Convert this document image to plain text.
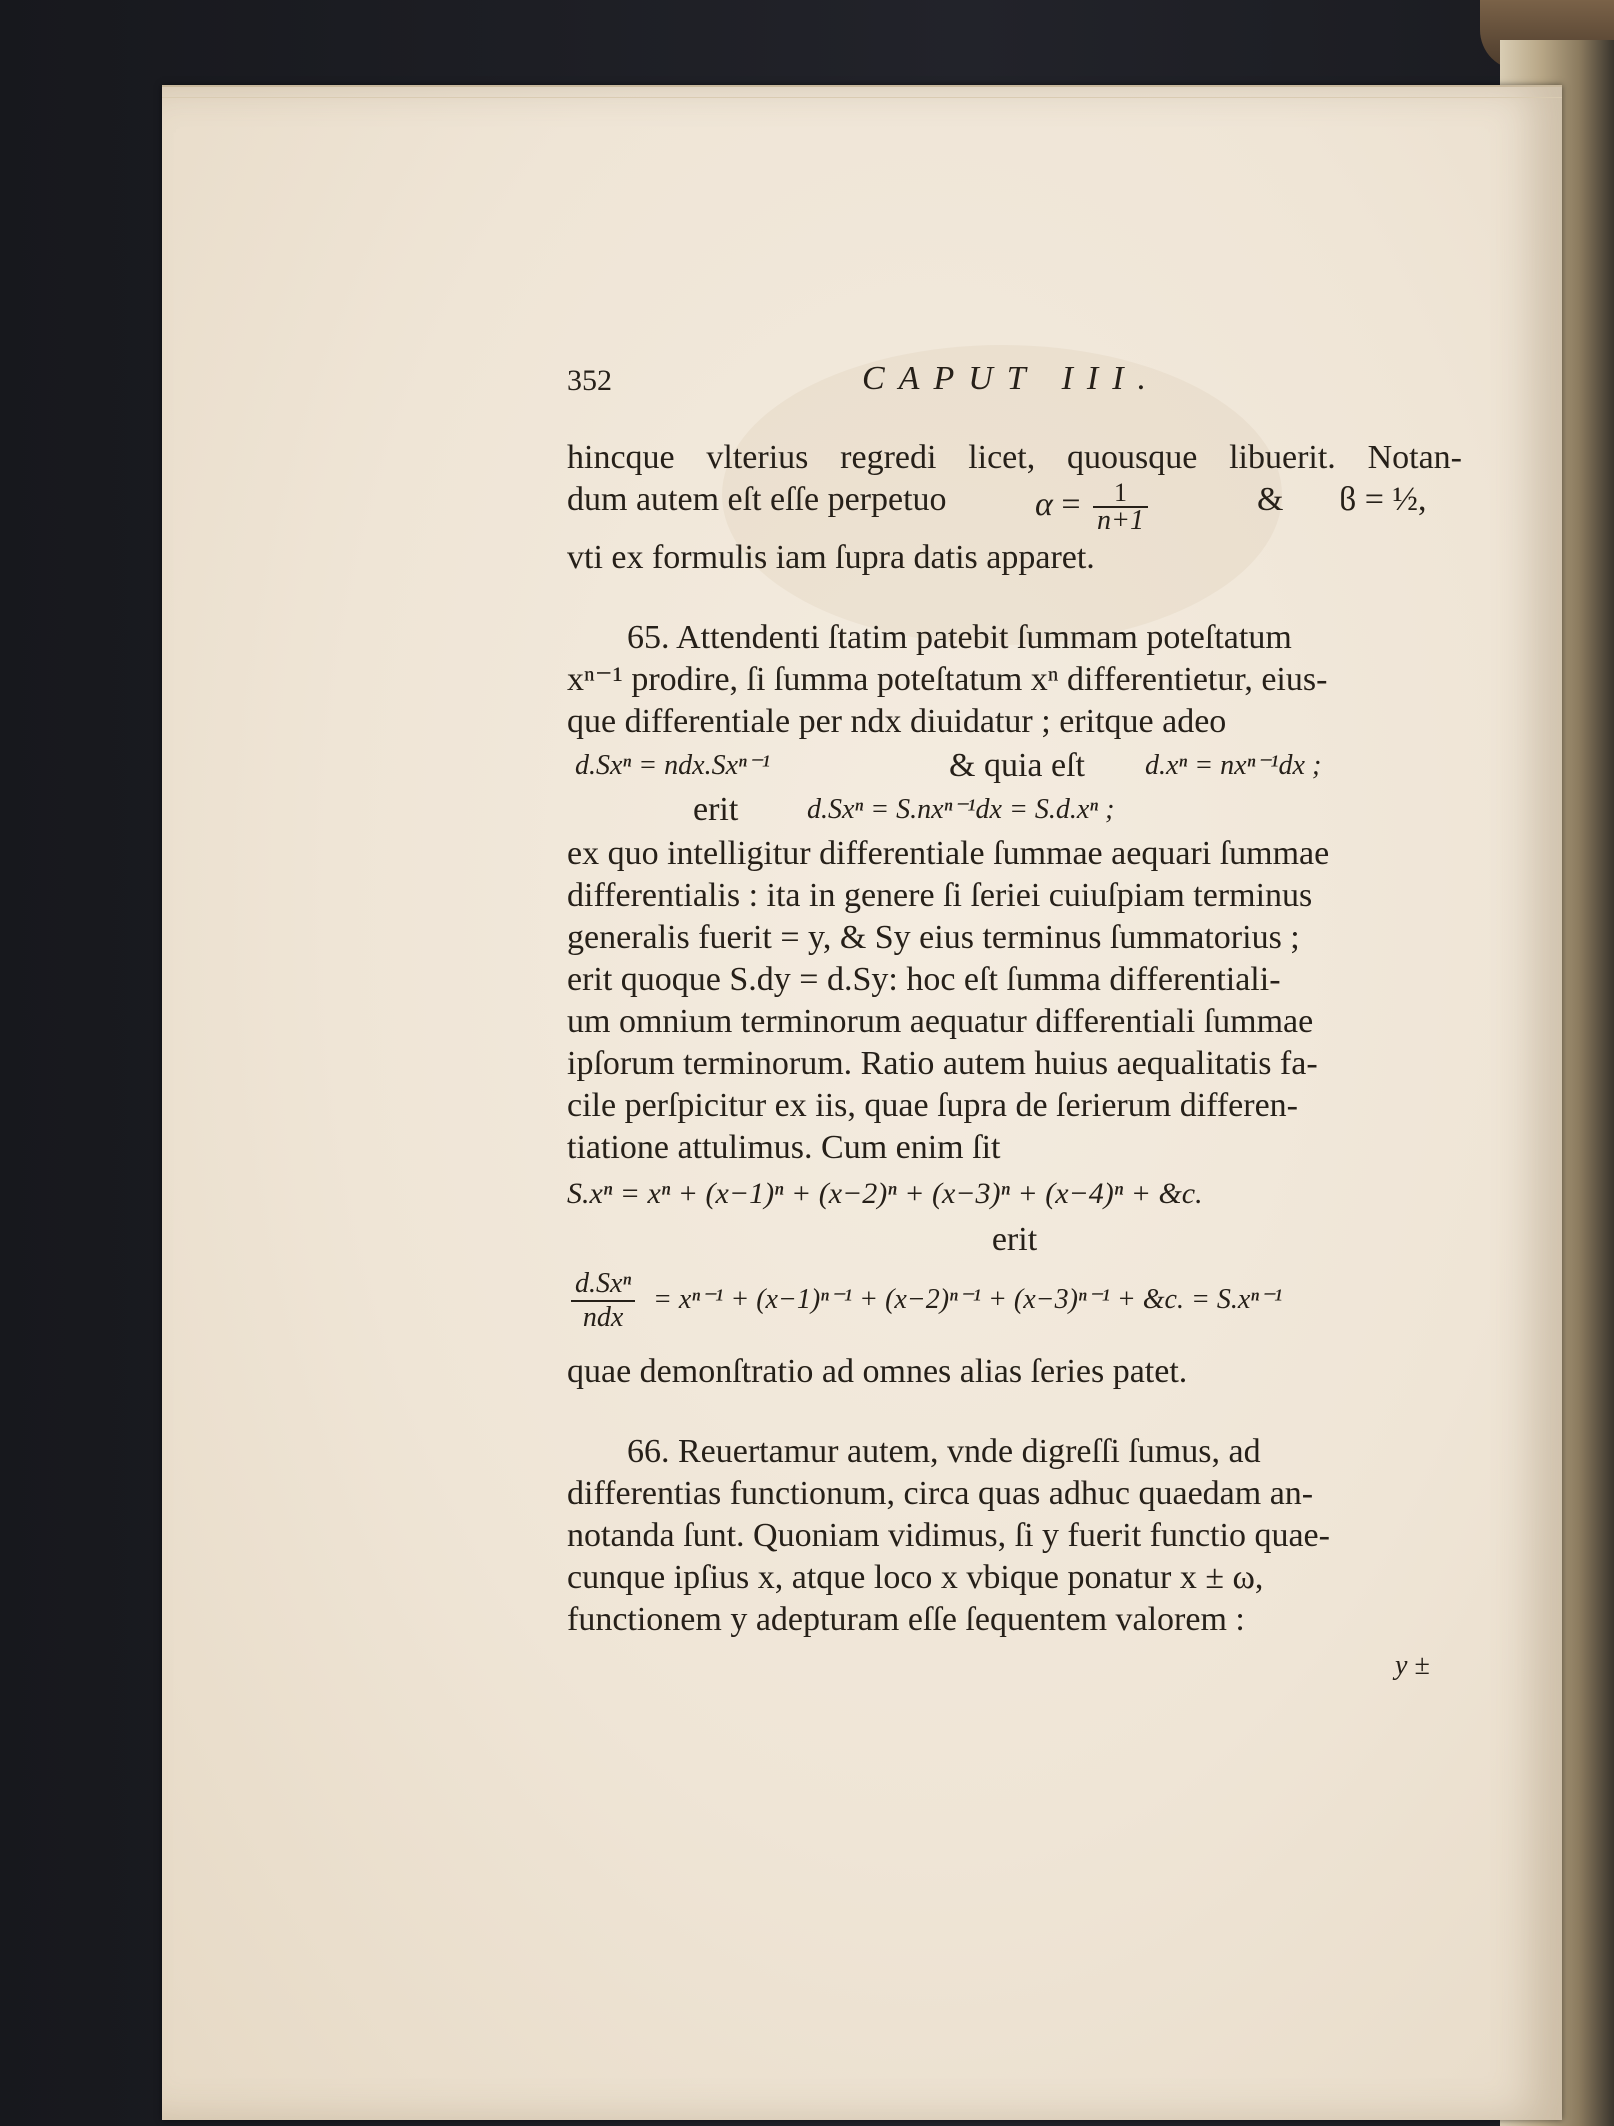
352	CAPUT III.
hincque vlterius regredi licet, quousque libuerit. Notan-
dum autem eſt eſſe perpetuo	$\alpha = \frac{1}{n+1}$	& ϐ = ½,
vti ex formulis iam ſupra datis apparet.
65. Attendenti ſtatim patebit ſummam poteſtatum
xⁿ⁻¹ prodire, ſi ſumma poteſtatum xⁿ differentietur, eius-
que differentiale per ndx diuidatur ; eritque adeo
d.Sxⁿ = ndx.Sxⁿ⁻¹	& quia eſt d.xⁿ = nxⁿ⁻¹dx ;
erit d.Sxⁿ = S.nxⁿ⁻¹dx = S.d.xⁿ ;
ex quo intelligitur differentiale ſummae aequari ſummae
differentialis : ita in genere ſi ſeriei cuiuſpiam terminus
generalis fuerit = y, & Sy eius terminus ſummatorius ;
erit quoque S.dy = d.Sy: hoc eſt ſumma differentiali-
um omnium terminorum aequatur differentiali ſummae
ipſorum terminorum. Ratio autem huius aequalitatis fa-
cile perſpicitur ex iis, quae ſupra de ſerierum differen-
tiatione attulimus. Cum enim ſit
S.xⁿ = xⁿ + (x−1)ⁿ + (x−2)ⁿ + (x−3)ⁿ + (x−4)ⁿ + &c.
erit
d.Sxⁿ
ndx
= xⁿ⁻¹ + (x−1)ⁿ⁻¹ + (x−2)ⁿ⁻¹ + (x−3)ⁿ⁻¹ + &c. = S.xⁿ⁻¹
quae demonſtratio ad omnes alias ſeries patet.
66. Reuertamur autem, vnde digreſſi ſumus, ad
differentias functionum, circa quas adhuc quaedam an-
notanda ſunt. Quoniam vidimus, ſi y fuerit functio quae-
cunque ipſius x, atque loco x vbique ponatur x ± ω,
functionem y adepturam eſſe ſequentem valorem :
y ±
